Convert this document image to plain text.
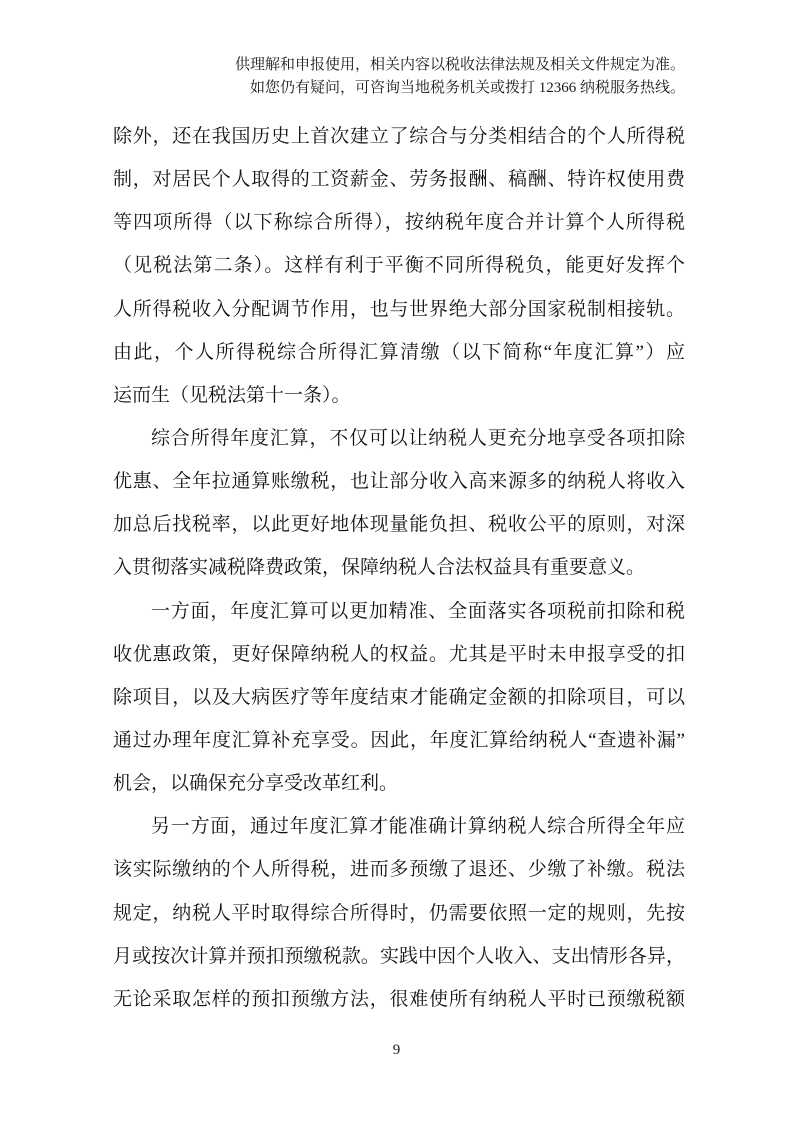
供理解和申报使用，相关内容以税收法律法规及相关文件规定为准。
如您仍有疑问，可咨询当地税务机关或拨打 12366 纳税服务热线。
除外，还在我国历史上首次建立了综合与分类相结合的个人所得税
制，对居民个人取得的工资薪金、劳务报酬、稿酬、特许权使用费
等四项所得（以下称综合所得），按纳税年度合并计算个人所得税
（见税法第二条）。这样有利于平衡不同所得税负，能更好发挥个
人所得税收入分配调节作用，也与世界绝大部分国家税制相接轨。
由此，个人所得税综合所得汇算清缴（以下简称“年度汇算”）应
运而生（见税法第十一条）。
综合所得年度汇算，不仅可以让纳税人更充分地享受各项扣除
优惠、全年拉通算账缴税，也让部分收入高来源多的纳税人将收入
加总后找税率，以此更好地体现量能负担、税收公平的原则，对深
入贯彻落实减税降费政策，保障纳税人合法权益具有重要意义。
一方面，年度汇算可以更加精准、全面落实各项税前扣除和税
收优惠政策，更好保障纳税人的权益。尤其是平时未申报享受的扣
除项目，以及大病医疗等年度结束才能确定金额的扣除项目，可以
通过办理年度汇算补充享受。因此，年度汇算给纳税人“查遗补漏”
机会，以确保充分享受改革红利。
另一方面，通过年度汇算才能准确计算纳税人综合所得全年应
该实际缴纳的个人所得税，进而多预缴了退还、少缴了补缴。税法
规定，纳税人平时取得综合所得时，仍需要依照一定的规则，先按
月或按次计算并预扣预缴税款。实践中因个人收入、支出情形各异，
无论采取怎样的预扣预缴方法，很难使所有纳税人平时已预缴税额
9
